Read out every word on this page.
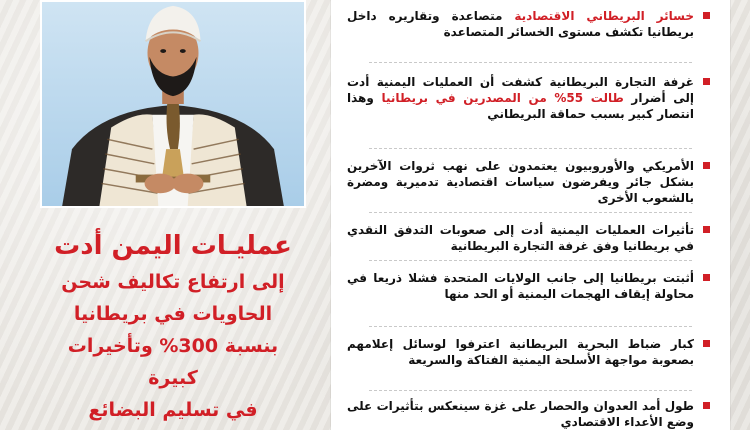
عمليـات اليمن أدت
إلى ارتفاع تكاليف شحن
الحاويات في بريطانيا
بنسبة 300% وتأخيرات كبيرة
في تسليم البضائع
خسائر البريطاني الاقتصادية متصاعدة وتقاريره داخل بريطانيا تكشف مستوى الخسائر المتصاعدة
غرفة التجارة البريطانية كشفت أن العمليات اليمنية أدت إلى أضرار طالت 55% من المصدرين في بريطانيا وهذا انتصار كبير بسبب حماقة البريطاني
الأمريكي والأوروبيون يعتمدون على نهب ثروات الآخرين بشكل جائر ويفرضون سياسات اقتصادية تدميرية ومضرة بالشعوب الأخرى
تأثيرات العمليات اليمنية أدت إلى صعوبات التدفق النقدي في بريطانيا وفق غرفة التجارة البريطانية
أثبتت بريطانيا إلى جانب الولايات المتحدة فشلا ذريعا في محاولة إيقاف الهجمات اليمنية أو الحد منها
كبار ضباط البحرية البريطانية اعترفوا لوسائل إعلامهم بصعوبة مواجهة الأسلحة اليمنية الفتاكة والسريعة
طول أمد العدوان والحصار على غزة سينعكس بتأثيرات على وضع الأعداء الاقتصادي
